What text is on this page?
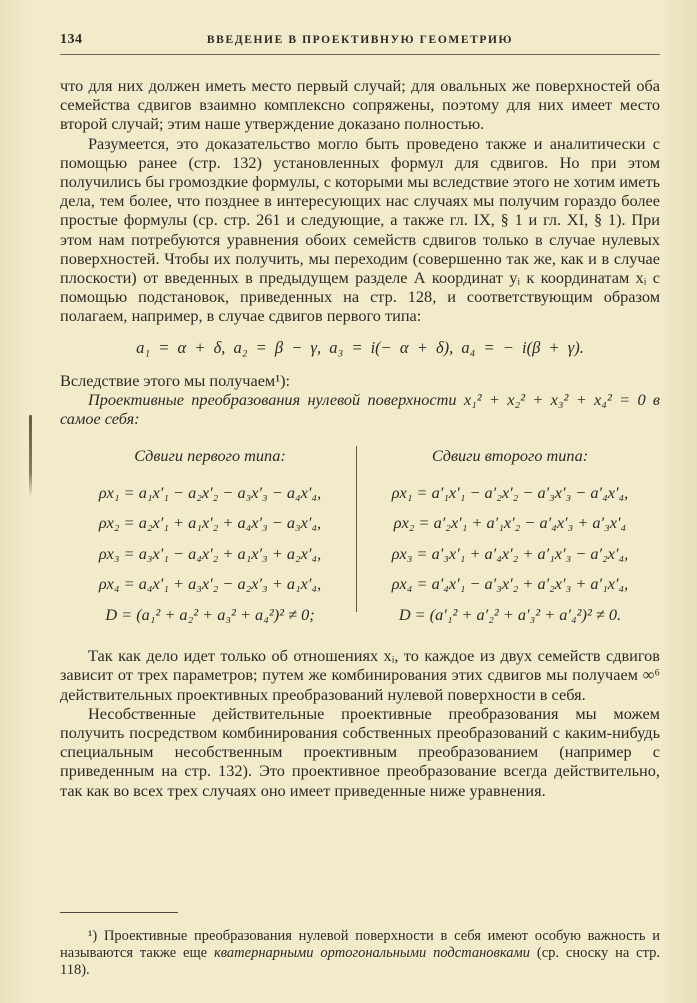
134	ВВЕДЕНИЕ В ПРОЕКТИВНУЮ ГЕОМЕТРИЮ

что для них должен иметь место первый случай; для овальных же поверхностей оба семейства сдвигов взаимно комплексно сопряжены, поэтому для них имеет место второй случай; этим наше утверждение доказано полностью.

Разумеется, это доказательство могло быть проведено также и аналитически с помощью ранее (стр. 132) установленных формул для сдвигов. Но при этом получились бы громоздкие формулы, с которыми мы вследствие этого не хотим иметь дела, тем более, что позднее в интересующих нас случаях мы получим гораздо более простые формулы (ср. стр. 261 и следующие, а также гл. IX, § 1 и гл. XI, § 1). При этом нам потребуются уравнения обоих семейств сдвигов только в случае нулевых поверхностей. Чтобы их получить, мы переходим (совершенно так же, как и в случае плоскости) от введенных в предыдущем разделе А координат yᵢ к координатам xᵢ с помощью подстановок, приведенных на стр. 128, и соответствующим образом полагаем, например, в случае сдвигов первого типа:

a₁ = α + δ, a₂ = β − γ, a₃ = i(− α + δ), a₄ = − i(β + γ).

Вследствие этого мы получаем¹):

Проективные преобразования нулевой поверхности x₁² + x₂² + x₃² + x₄² = 0 в самое себя:

Сдвиги первого типа:
ρx₁ = a₁x′₁ − a₂x′₂ − a₃x′₃ − a₄x′₄,
ρx₂ = a₂x′₁ + a₁x′₂ + a₄x′₃ − a₃x′₄,
ρx₃ = a₃x′₁ − a₄x′₂ + a₁x′₃ + a₂x′₄,
ρx₄ = a₄x′₁ + a₃x′₂ − a₂x′₃ + a₁x′₄,
D = (a₁² + a₂² + a₃² + a₄²)² ≠ 0;
Сдвиги второго типа:
ρx₁ = a′₁x′₁ − a′₂x′₂ − a′₃x′₃ − a′₄x′₄,
ρx₂ = a′₂x′₁ + a′₁x′₂ − a′₄x′₃ + a′₃x′₄
ρx₃ = a′₃x′₁ + a′₄x′₂ + a′₁x′₃ − a′₂x′₄,
ρx₄ = a′₄x′₁ − a′₃x′₂ + a′₂x′₃ + a′₁x′₄,
D = (a′₁² + a′₂² + a′₃² + a′₄²)² ≠ 0.

Так как дело идет только об отношениях xᵢ, то каждое из двух семейств сдвигов зависит от трех параметров; путем же комбинирования этих сдвигов мы получаем ∞⁶ действительных проективных преобразований нулевой поверхности в себя.

Несобственные действительные проективные преобразования мы можем получить посредством комбинирования собственных преобразований с каким-нибудь специальным несобственным проективным преобразованием (например с приведенным на стр. 132). Это проективное преобразование всегда действительно, так как во всех трех случаях оно имеет приведенные ниже уравнения.

¹) Проективные преобразования нулевой поверхности в себя имеют особую важность и называются также еще кватернарными ортогональными подстановками (ср. сноску на стр. 118).
